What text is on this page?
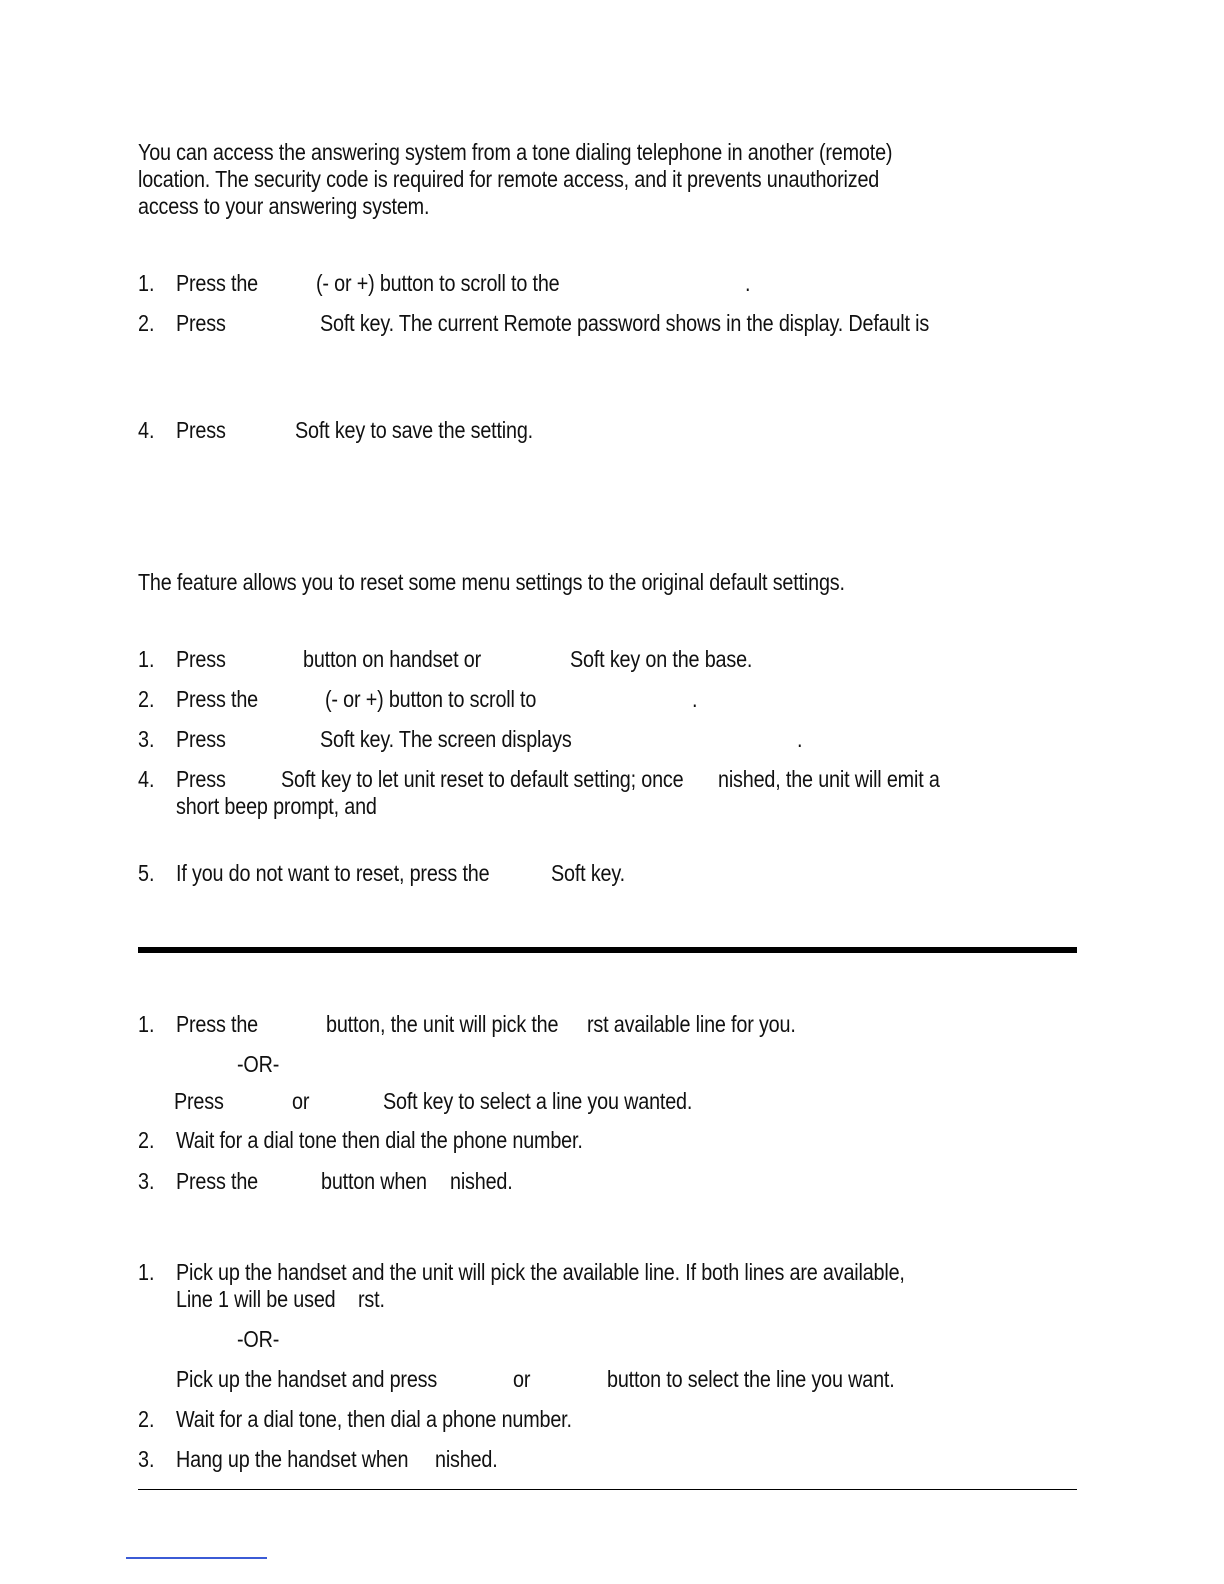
You can access the answering system from a tone dialing telephone in another (remote)
location. The security code is required for remote access, and it prevents unauthorized
access to your answering system.
1. Press the	(- or +) button to scroll to the	.
2. Press	Soft key. The current Remote password shows in the display. Default is
4. Press	Soft key to save the setting.
The feature allows you to reset some menu settings to the original default settings.
1. Press	button on handset or	Soft key on the base.
2. Press the	(- or +) button to scroll to	.
3. Press	Soft key. The screen displays	.
4. Press Soft key to let unit reset to default setting; once nished, the unit will emit a
short beep prompt, and
5. If you do not want to reset, press the	Soft key.
1. Press the	button, the unit will pick the rst available line for you.
-OR-
Press	or	Soft key to select a line you wanted.
2. Wait for a dial tone then dial the phone number.
3. Press the	button when nished.
1. Pick up the handset and the unit will pick the available line. If both lines are available,
Line 1 will be used rst.
-OR-
Pick up the handset and press	or	button to select the line you want.
2. Wait for a dial tone, then dial a phone number.
3. Hang up the handset when nished.
